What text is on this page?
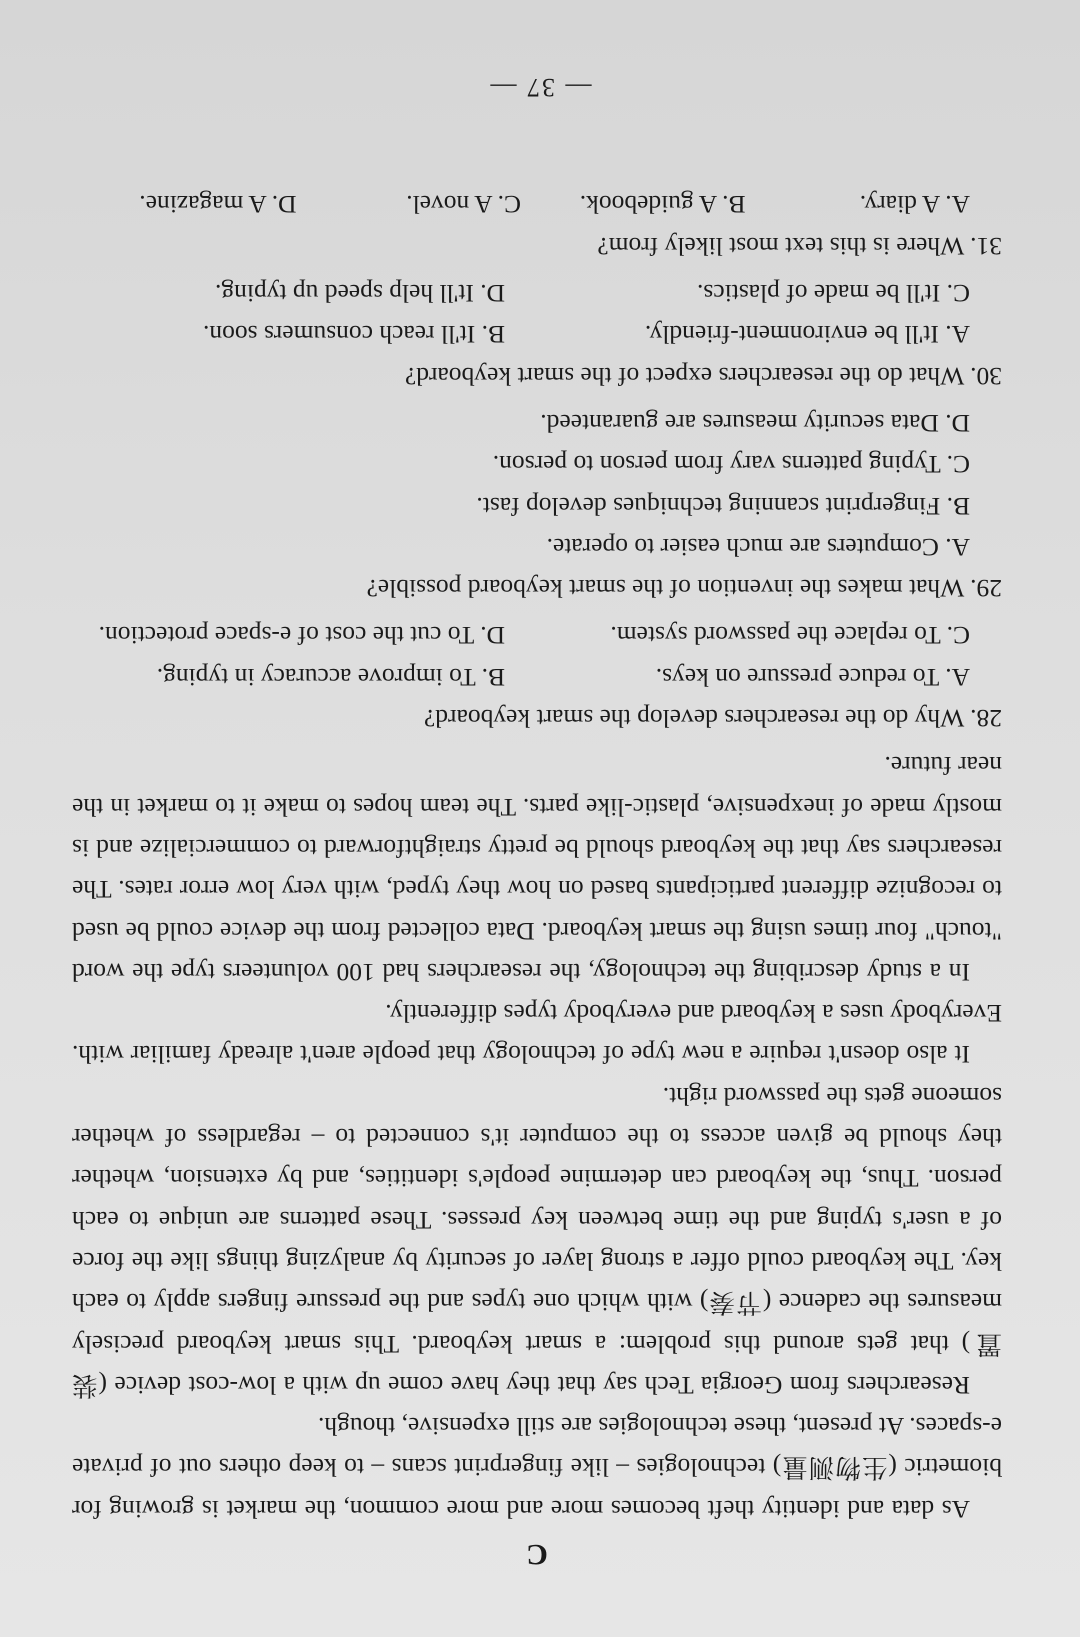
C

As data and identity theft becomes more and more common, the market is growing for biometric (生物测量) technologies – like fingerprint scans – to keep others out of private e-spaces. At present, these technologies are still expensive, though.

Researchers from Georgia Tech say that they have come up with a low-cost device (装置) that gets around this problem: a smart keyboard. This smart keyboard precisely measures the cadence (节奏) with which one types and the pressure fingers apply to each key. The keyboard could offer a strong layer of security by analyzing things like the force of a user's typing and the time between key presses. These patterns are unique to each person. Thus, the keyboard can determine people's identities, and by extension, whether they should be given access to the computer it's connected to – regardless of whether someone gets the password right.

It also doesn't require a new type of technology that people aren't already familiar with. Everybody uses a keyboard and everybody types differently.

In a study describing the technology, the researchers had 100 volunteers type the word "touch" four times using the smart keyboard. Data collected from the device could be used to recognize different participants based on how they typed, with very low error rates. The researchers say that the keyboard should be pretty straightforward to commercialize and is mostly made of inexpensive, plastic-like parts. The team hopes to make it to market in the near future.

28. Why do the researchers develop the smart keyboard?
A. To reduce pressure on keys.
B. To improve accuracy in typing.
C. To replace the password system.
D. To cut the cost of e-space protection.
29. What makes the invention of the smart keyboard possible?
A. Computers are much easier to operate.
B. Fingerprint scanning techniques develop fast.
C. Typing patterns vary from person to person.
D. Data security measures are guaranteed.
30. What do the researchers expect of the smart keyboard?
A. It'll be environment-friendly.
B. It'll reach consumers soon.
C. It'll be made of plastics.
D. It'll help speed up typing.
31. Where is this text most likely from?
A. A diary.
B. A guidebook.
C. A novel.
D. A magazine.
— 37 —
